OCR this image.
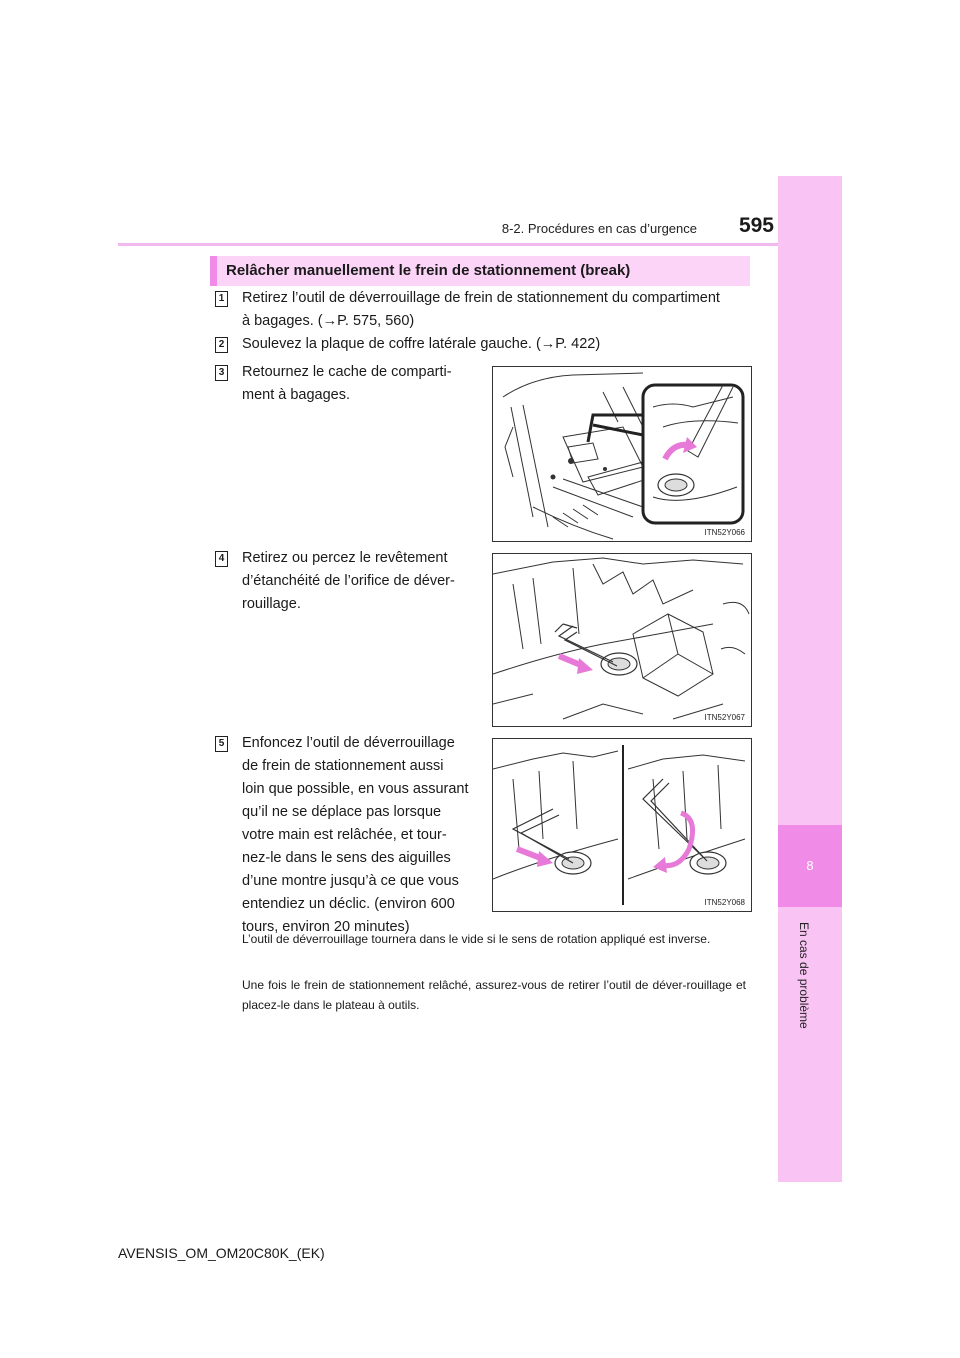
8-2. Procédures en cas d’urgence	595
8
En cas de problème
Relâcher manuellement le frein de stationnement (break)
1 Retirez l’outil de déverrouillage de frein de stationnement du compartiment
à bagages. (→P. 575, 560)
2 Soulevez la plaque de coffre latérale gauche. (→P. 422)
3 Retournez le cache de comparti-
ment à bagages.
ITN52Y066
4 Retirez ou percez le revêtement
d’étanchéité de l’orifice de déver-
rouillage.
ITN52Y067
5 Enfoncez l’outil de déverrouillage
de frein de stationnement aussi
loin que possible, en vous assurant
qu’il ne se déplace pas lorsque
votre main est relâchée, et tour-
nez-le dans le sens des aiguilles
d’une montre jusqu’à ce que vous
entendiez un déclic. (environ 600
tours, environ 20 minutes)
ITN52Y068
L’outil de déverrouillage tournera dans le vide si le sens de rotation appliqué est inverse.
Une fois le frein de stationnement relâché, assurez-vous de retirer l’outil de déver-rouillage et placez-le dans le plateau à outils.
AVENSIS_OM_OM20C80K_(EK)
